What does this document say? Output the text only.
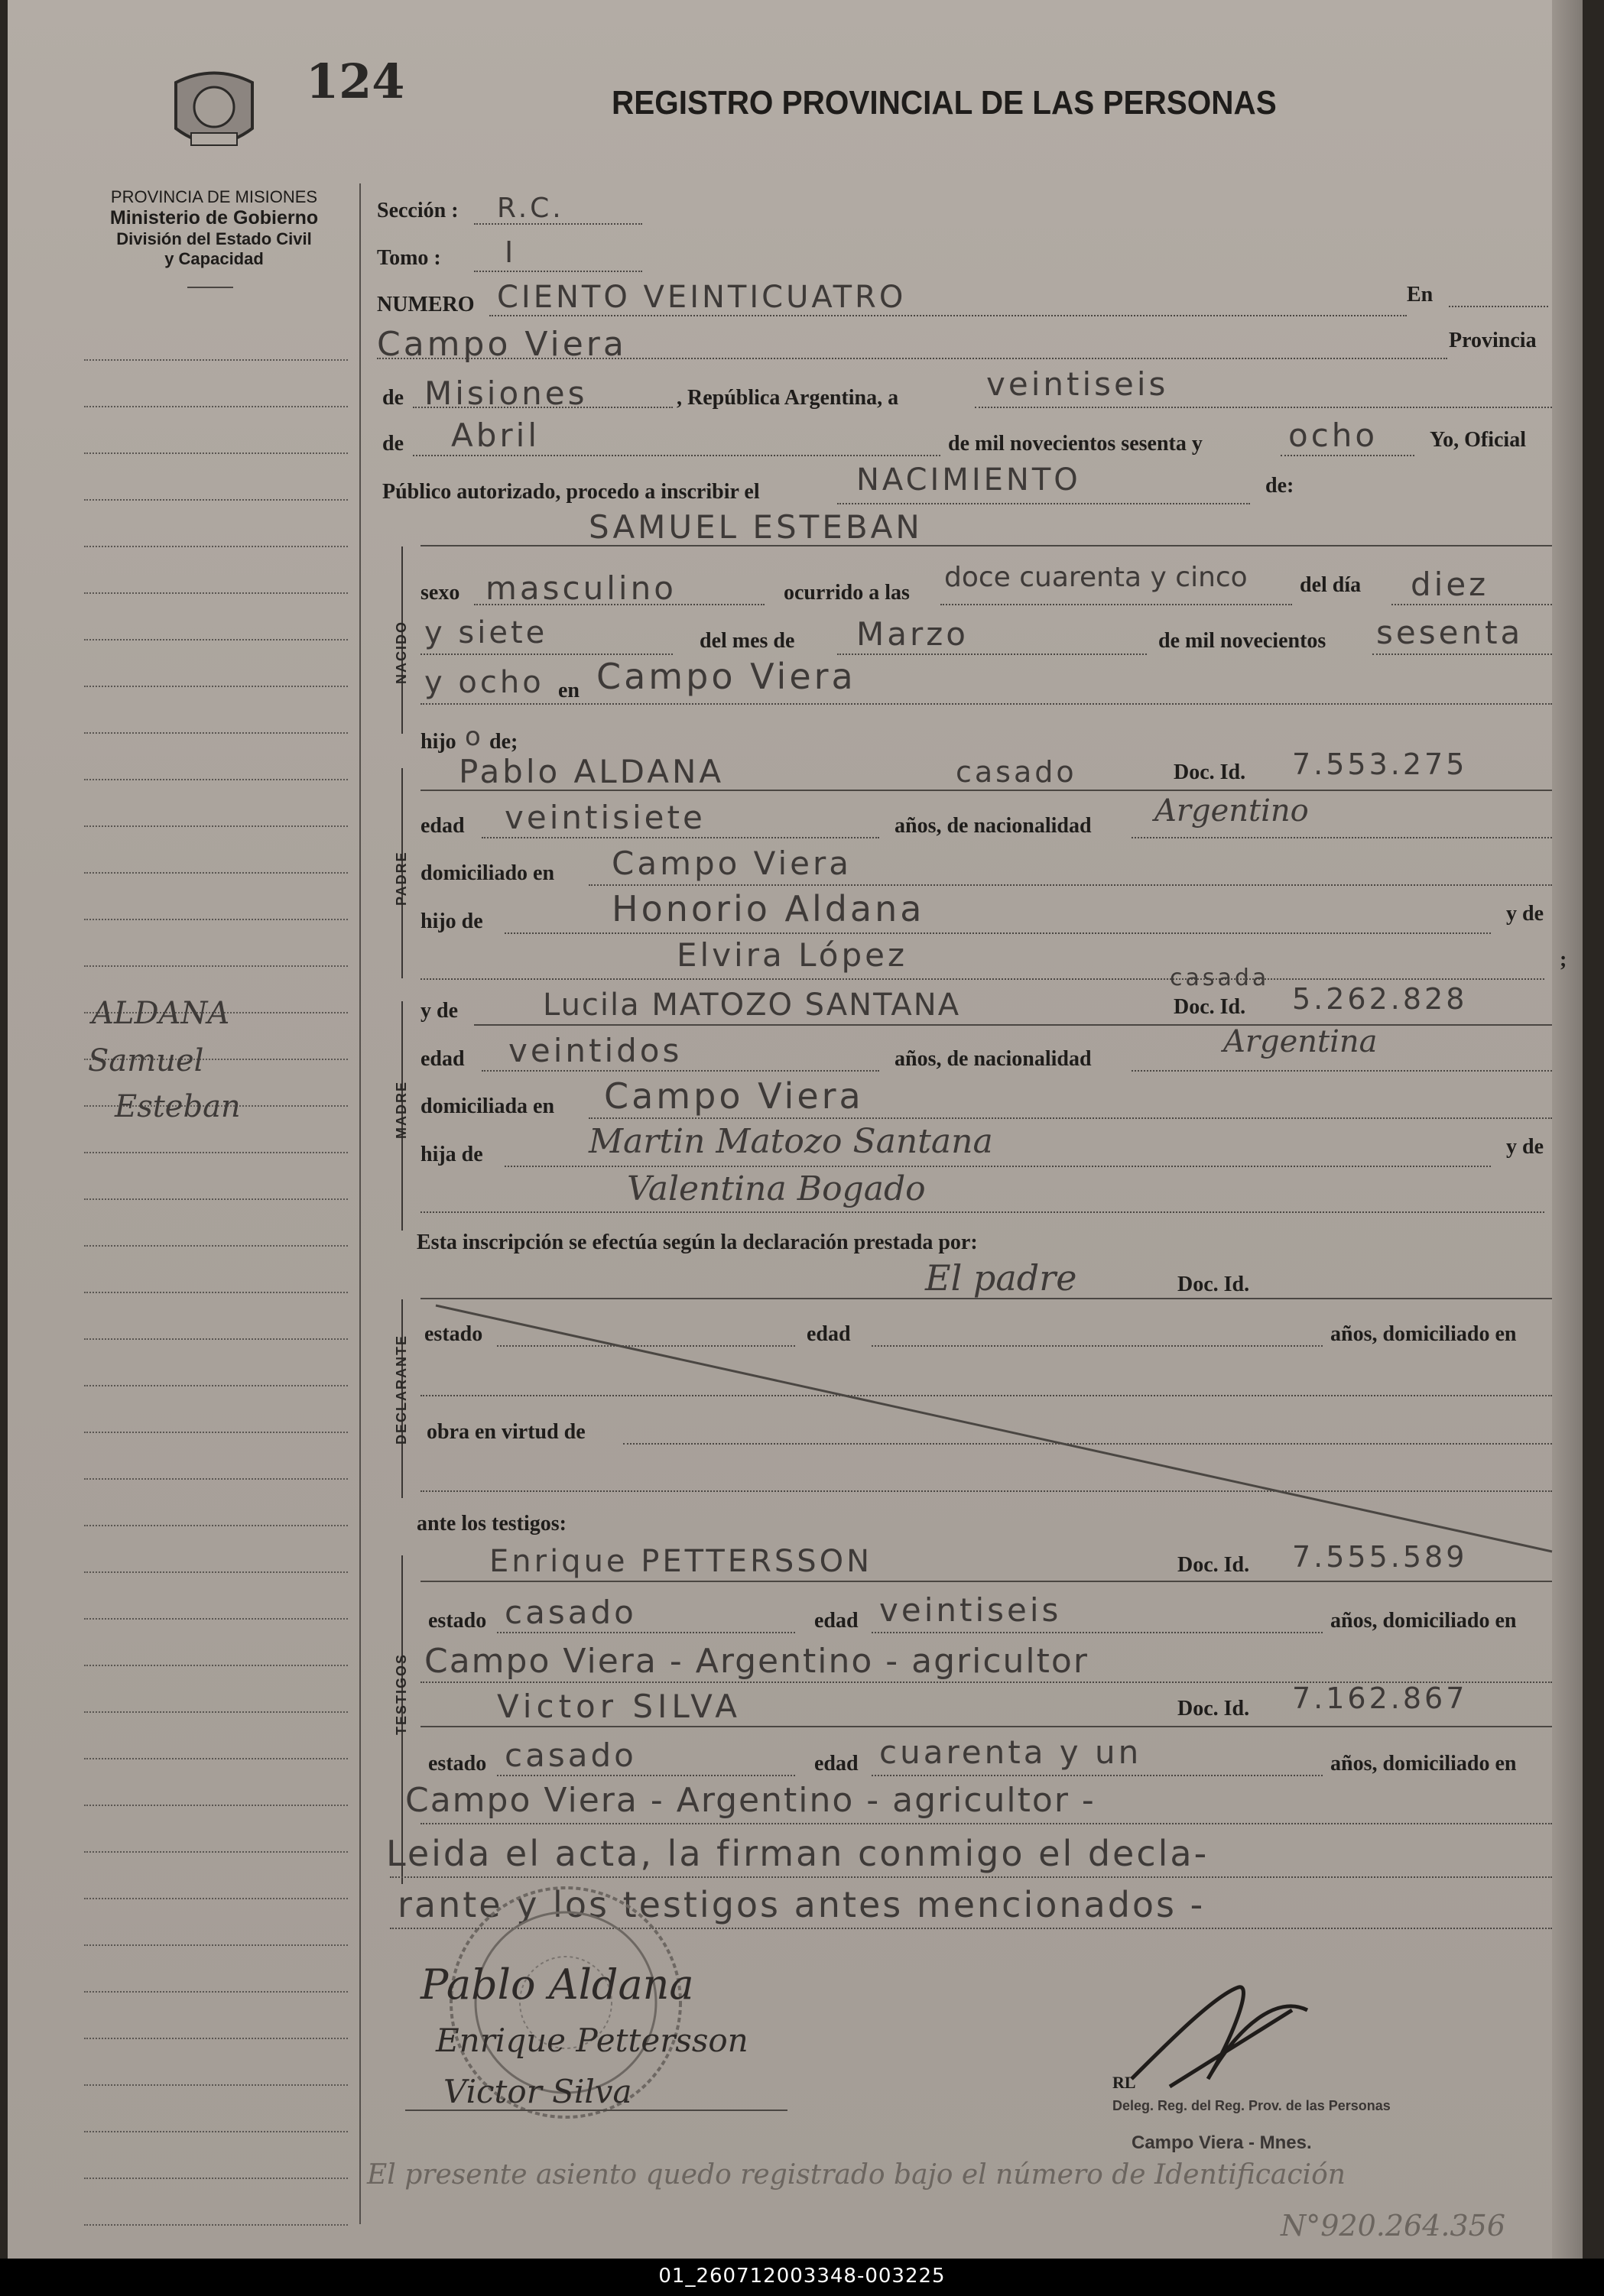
124	REGISTRO PROVINCIAL DE LAS PERSONAS
PROVINCIA DE MISIONES
Ministerio de Gobierno
División del Estado Civil
y Capacidad
ALDANA
Samuel
Esteban
Sección : R.C.
Tomo : I
NUMERO CIENTO VEINTICUATRO	En
Campo Viera	Provincia
de Misiones	, República Argentina, a	veintiseis
de Abril	de mil novecientos sesenta y	ocho Yo, Oficial
Público autorizado, procedo a inscribir el	NACIMIENTO	de:
NACIDO
SAMUEL ESTEBAN
sexo masculino	ocurrido a las doce cuarenta y cinco del día diez
y siete	del mes de Marzo	de mil novecientos sesenta
y ocho en Campo Viera
hijo o de;
PADRE
Pablo ALDANA	casado	Doc. Id. 7.553.275
edad veintisiete	años, de nacionalidad Argentino
domiciliado en Campo Viera
hijo de	Honorio Aldana	y de
Elvira López	;
MADRE
y de
casada
Lucila MATOZO SANTANA	Doc. Id. 5.262.828
edad veintidos	años, de nacionalidad	Argentina
domiciliada en Campo Viera
hija de	Martin Matozo Santana	y de
Valentina Bogado
Esta inscripción se efectúa según la declaración prestada por:
El padre	Doc. Id.
DECLARANTE
estado	edad	años, domiciliado en
obra en virtud de
ante los testigos:
TESTIGOS
Enrique PETTERSSON	Doc. Id. 7.555.589
estado casado	edad veintiseis	años, domiciliado en
Campo Viera - Argentino - agricultor
Victor SILVA	Doc. Id. 7.162.867
estado casado	edad cuarenta y un	años, domiciliado en
Campo Viera - Argentino - agricultor -
Leida el acta, la firman conmigo el decla-
rante y los testigos antes mencionados -
Pablo Aldana
Enrique Pettersson
Victor Silva	RL
Deleg. Reg. del Reg. Prov. de las Personas
Campo Viera - Mnes.
El presente asiento quedo registrado bajo el número de Identificación
N°920.264.356
01_260712003348-003225
